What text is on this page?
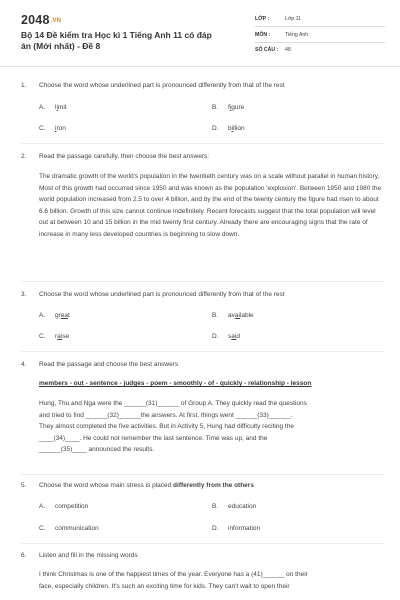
2048.VN
Bộ 14 Đề kiểm tra Học kì 1 Tiếng Anh 11 có đáp án (Mới nhất) - Đề 8
LỚP :	Lớp 11
MÔN :	Tiếng Anh
SỐ CÂU : 48
1. Choose the word whose underlined part is pronounced differently from that of the rest
A. limit	B. figure
C. iron	D. billion
2. Read the passage carefully, then choose the best answers:

The dramatic growth of the world's population in the twentieth century was on a scale without parallel in human history. Most of this growth had occurred since 1950 and was known as the population 'explosion'. Between 1950 and 1980 the world population increased from 2.5 to over 4 billion, and by the end of the twenty century the figure had risen to about 6.6 billion. Growth of this size cannot continue indefinitely. Recent forecasts suggest that the total population will level out at between 10 and 15 billion in the mid twenty first century. Already there are encouraging signs that the rate of increase in many less developed countries is beginning to slow down.

3. Choose the word whose underlined part is pronounced differently from that of the rest
A. great	B. available
C. raise	D. said
4. Read the passage and choose the best answers
members - out - sentence - judges - poem - smoothly - of - quickly - relationship - lesson

Hung, Thu and Nga were the ______(31)______ of Group A. They quickly read the questions

and tried to find ______(32)______the answers. At first, things went ______(33)______.

They almost completed the five activities. But in Activity 5, Hung had difficulty reciting the

____(34)____. He could not remember the last sentence. Time was up, and the

______(35)____ announced the results.

5. Choose the word whose main stress is placed differently from the others
A. competition	B. education
C. communication	D. information
6. Listen and fill in the missing words

I think Christmas is one of the happiest times of the year. Everyone has a (41)______ on their

face, especially children. It's such an exciting time for kids. They can't wait to open their
